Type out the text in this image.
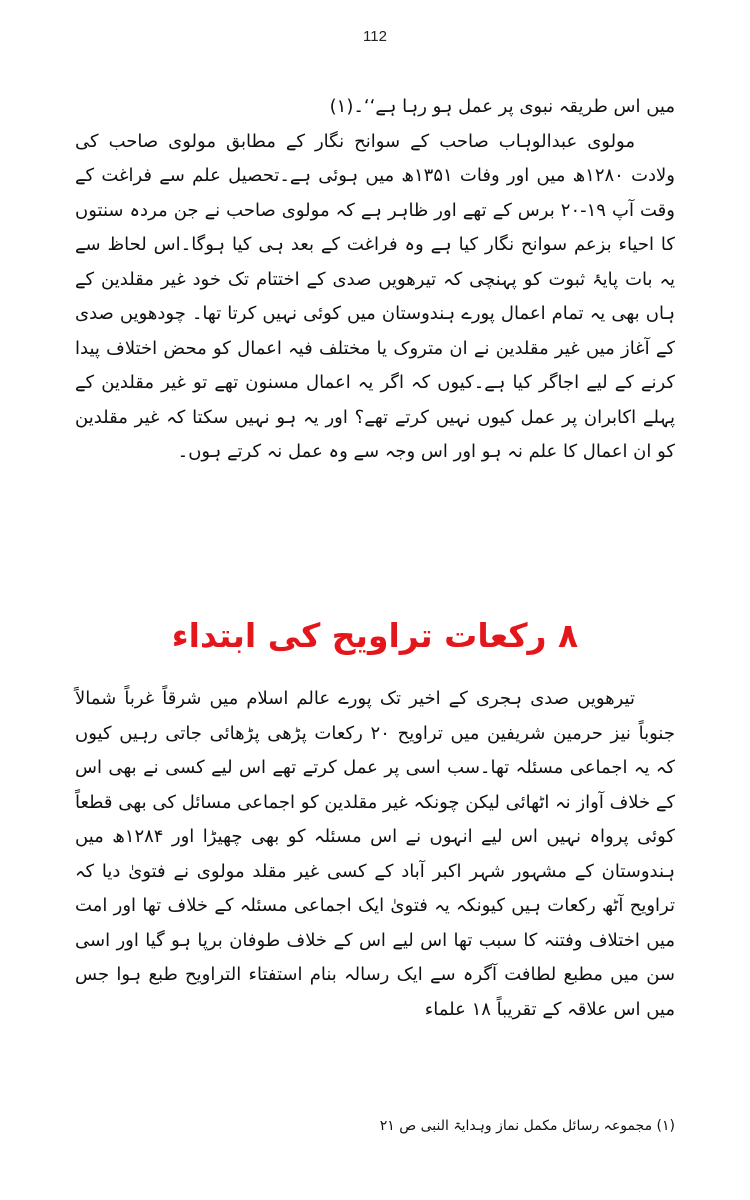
112

میں اس طریقہ نبوی پر عمل ہو رہا ہے‘‘۔(۱)

مولوی عبدالوہاب صاحب کے سوانح نگار کے مطابق مولوی صاحب کی ولادت ۱۲۸۰ھ میں اور وفات ۱۳۵۱ھ میں ہوئی ہے۔تحصیل علم سے فراغت کے وقت آپ ۱۹-۲۰ برس کے تھے اور ظاہر ہے کہ مولوی صاحب نے جن مردہ سنتوں کا احیاء بزعم سوانح نگار کیا ہے وہ فراغت کے بعد ہی کیا ہوگا۔اس لحاظ سے یہ بات پایۂ ثبوت کو پہنچی کہ تیرھویں صدی کے اختتام تک خود غیر مقلدین کے ہاں بھی یہ تمام اعمال پورے ہندوستان میں کوئی نہیں کرتا تھا۔ چودھویں صدی کے آغاز میں غیر مقلدین نے ان متروک یا مختلف فیہ اعمال کو محض اختلاف پیدا کرنے کے لیے اجاگر کیا ہے۔کیوں کہ اگر یہ اعمال مسنون تھے تو غیر مقلدین کے پہلے اکابران پر عمل کیوں نہیں کرتے تھے؟ اور یہ ہو نہیں سکتا کہ غیر مقلدین کو ان اعمال کا علم نہ ہو اور اس وجہ سے وہ عمل نہ کرتے ہوں۔

۸ رکعات تراویح کی ابتداء

تیرھویں صدی ہجری کے اخیر تک پورے عالم اسلام میں شرقاً غرباً شمالاً جنوباً نیز حرمین شریفین میں تراویح ۲۰ رکعات پڑھی پڑھائی جاتی رہیں کیوں کہ یہ اجماعی مسئلہ تھا۔سب اسی پر عمل کرتے تھے اس لیے کسی نے بھی اس کے خلاف آواز نہ اٹھائی لیکن چونکہ غیر مقلدین کو اجماعی مسائل کی بھی قطعاً کوئی پرواہ نہیں اس لیے انہوں نے اس مسئلہ کو بھی چھیڑا اور ۱۲۸۴ھ میں ہندوستان کے مشہور شہر اکبر آباد کے کسی غیر مقلد مولوی نے فتویٰ دیا کہ تراویح آٹھ رکعات ہیں کیونکہ یہ فتویٰ ایک اجماعی مسئلہ کے خلاف تھا اور امت میں اختلاف وفتنہ کا سبب تھا اس لیے اس کے خلاف طوفان برپا ہو گیا اور اسی سن میں مطبع لطافت آگرہ سے ایک رسالہ بنام استفتاء التراویح طبع ہوا جس میں اس علاقہ کے تقریباً ۱۸ علماء

(۱) مجموعہ رسائل مکمل نماز وہدایۃ النبی ص ۲۱
